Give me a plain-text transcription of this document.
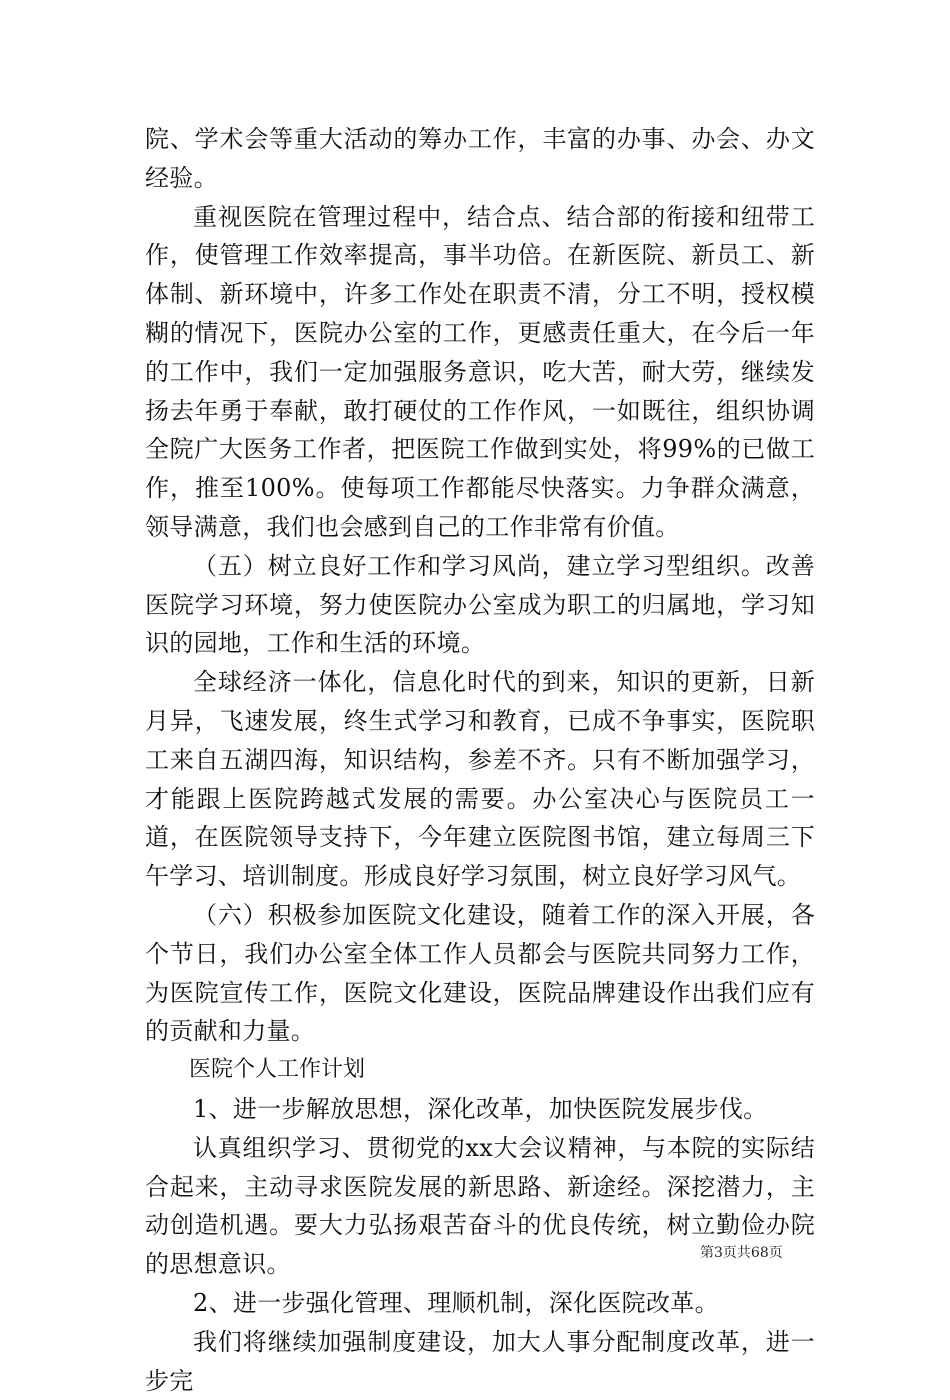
院、学术会等重大活动的筹办工作，丰富的办事、办会、办文经验。

重视医院在管理过程中，结合点、结合部的衔接和纽带工作，使管理工作效率提高，事半功倍。在新医院、新员工、新体制、新环境中，许多工作处在职责不清，分工不明，授权模糊的情况下，医院办公室的工作，更感责任重大，在今后一年的工作中，我们一定加强服务意识，吃大苦，耐大劳，继续发扬去年勇于奉献，敢打硬仗的工作作风，一如既往，组织协调全院广大医务工作者，把医院工作做到实处，将99%的已做工作，推至100%。使每项工作都能尽快落实。力争群众满意，领导满意，我们也会感到自己的工作非常有价值。

（五）树立良好工作和学习风尚，建立学习型组织。改善医院学习环境，努力使医院办公室成为职工的归属地，学习知识的园地，工作和生活的环境。

全球经济一体化，信息化时代的到来，知识的更新，日新月异，飞速发展，终生式学习和教育，已成不争事实，医院职工来自五湖四海，知识结构，参差不齐。只有不断加强学习，才能跟上医院跨越式发展的需要。办公室决心与医院员工一道，在医院领导支持下，今年建立医院图书馆，建立每周三下午学习、培训制度。形成良好学习氛围，树立良好学习风气。

（六）积极参加医院文化建设，随着工作的深入开展，各个节日，我们办公室全体工作人员都会与医院共同努力工作，为医院宣传工作，医院文化建设，医院品牌建设作出我们应有的贡献和力量。

医院个人工作计划

1、进一步解放思想，深化改革，加快医院发展步伐。

认真组织学习、贯彻党的xx大会议精神，与本院的实际结合起来，主动寻求医院发展的新思路、新途经。深挖潜力，主动创造机遇。要大力弘扬艰苦奋斗的优良传统，树立勤俭办院的思想意识。

2、进一步强化管理、理顺机制，深化医院改革。

我们将继续加强制度建设，加大人事分配制度改革，进一步完

第3页共68页
